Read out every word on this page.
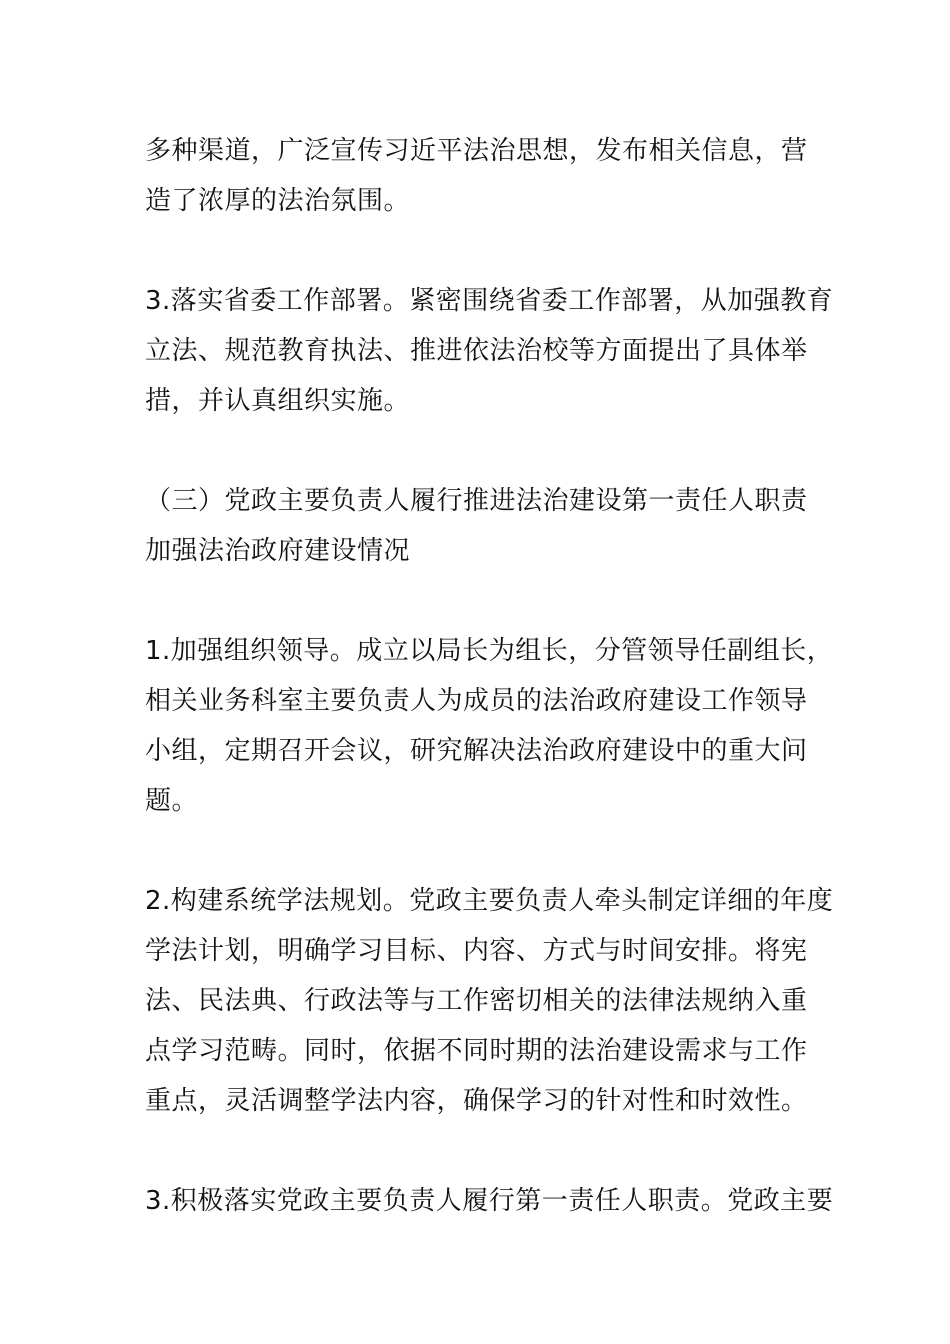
多种渠道，广泛宣传习近平法治思想，发布相关信息，营
造了浓厚的法治氛围。

3.落实省委工作部署。紧密围绕省委工作部署，从加强教育
立法、规范教育执法、推进依法治校等方面提出了具体举
措，并认真组织实施。

（三）党政主要负责人履行推进法治建设第一责任人职责
加强法治政府建设情况

1.加强组织领导。成立以局长为组长，分管领导任副组长，
相关业务科室主要负责人为成员的法治政府建设工作领导
小组，定期召开会议，研究解决法治政府建设中的重大问
题。

2.构建系统学法规划。党政主要负责人牵头制定详细的年度
学法计划，明确学习目标、内容、方式与时间安排。将宪
法、民法典、行政法等与工作密切相关的法律法规纳入重
点学习范畴。同时，依据不同时期的法治建设需求与工作
重点，灵活调整学法内容，确保学习的针对性和时效性。

3.积极落实党政主要负责人履行第一责任人职责。党政主要
